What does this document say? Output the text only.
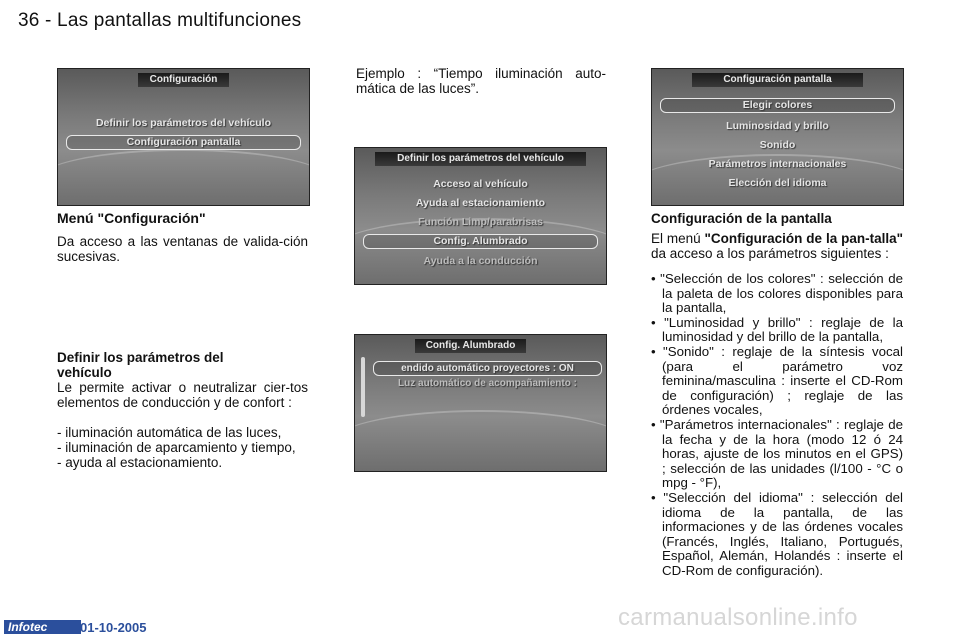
36 - Las pantallas multifunciones
Configuración
Definir los parámetros del vehículo
Configuración pantalla
Menú "Configuración"
Da acceso a las ventanas de valida-ción sucesivas.
Definir los parámetros del vehículo
Le permite activar o neutralizar cier-tos elementos de conducción y de confort :

- iluminación automática de las luces,

- iluminación de aparcamiento y tiempo,

- ayuda al estacionamiento.

Ejemplo : “Tiempo iluminación auto-mática de las luces”.
Definir los parámetros del vehículo
Acceso al vehículo
Ayuda al estacionamiento
Función Limp/parabrisas
Config. Alumbrado
Ayuda a la conducción
Config. Alumbrado
endido automático proyectores : ON
Luz automático de acompañamiento :
Configuración pantalla
Elegir colores
Luminosidad y brillo
Sonido
Parámetros internacionales
Elección del idioma
Configuración de la pantalla
El menú "Configuración de la pan-talla" da acceso a los parámetros siguientes :

• "Selección de los colores" : selección de la paleta de los colores disponibles para la pantalla,

• "Luminosidad y brillo" : reglaje de la luminosidad y del brillo de la pantalla,

• "Sonido" : reglaje de la síntesis vocal (para el parámetro voz feminina/masculina : inserte el CD-Rom de configuración) ; reglaje de las órdenes vocales,

• "Parámetros internacionales" : reglaje de la fecha y de la hora (modo 12 ó 24 horas, ajuste de los minutos en el GPS) ; selección de las unidades (l/100 - °C o mpg - °F),

• "Selección del idioma" : selección del idioma de la pantalla, de las informaciones y de las órdenes vocales (Francés, Inglés, Italiano, Portugués, Español, Alemán, Holandés : inserte el CD-Rom de configuración).

Infotec	01-10-2005	carmanualsonline.info
